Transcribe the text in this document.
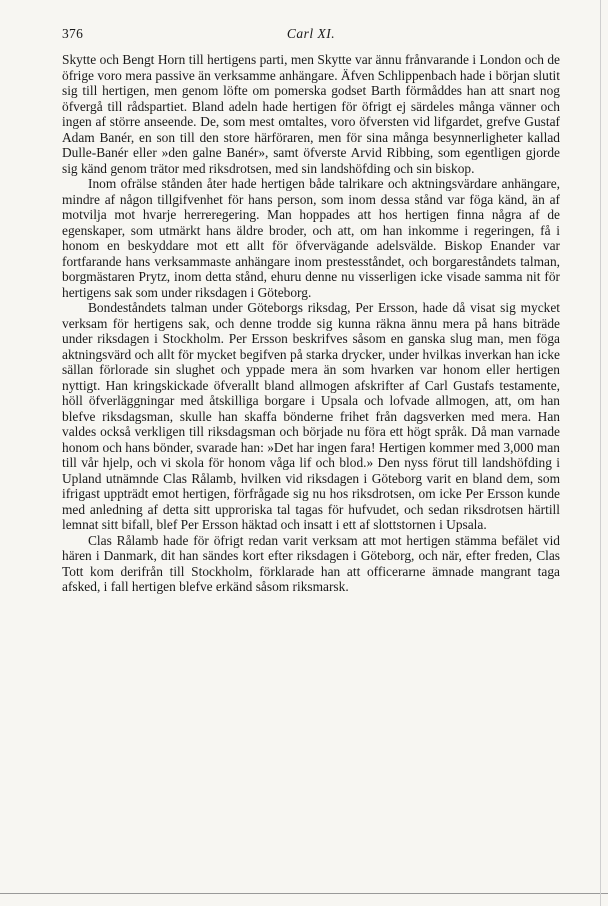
376	Carl XI.

Skytte och Bengt Horn till hertigens parti, men Skytte var ännu frånvarande i London och de öfrige voro mera passive än verksamme anhängare. Äfven Schlippenbach hade i början slutit sig till hertigen, men genom löfte om pomerska godset Barth förmåddes han att snart nog öfvergå till rådspartiet. Bland adeln hade hertigen för öfrigt ej särdeles många vänner och ingen af större anseende. De, som mest omtaltes, voro öfversten vid lifgardet, grefve Gustaf Adam Banér, en son till den store härföraren, men för sina många besynnerligheter kallad Dulle-Banér eller »den galne Banér», samt öfverste Arvid Ribbing, som egentligen gjorde sig känd genom trätor med riksdrotsen, med sin landshöfding och sin biskop.

Inom ofrälse stånden åter hade hertigen både talrikare och aktningsvärdare anhängare, mindre af någon tillgifvenhet för hans person, som inom dessa stånd var föga känd, än af motvilja mot hvarje herreregering. Man hoppades att hos hertigen finna några af de egenskaper, som utmärkt hans äldre broder, och att, om han inkomme i regeringen, få i honom en beskyddare mot ett allt för öfvervägande adelsvälde. Biskop Enander var fortfarande hans verksammaste anhängare inom prestesståndet, och borgareståndets talman, borgmästaren Prytz, inom detta stånd, ehuru denne nu visserligen icke visade samma nit för hertigens sak som under riksdagen i Göteborg.

Bondeståndets talman under Göteborgs riksdag, Per Ersson, hade då visat sig mycket verksam för hertigens sak, och denne trodde sig kunna räkna ännu mera på hans biträde under riksdagen i Stockholm. Per Ersson beskrifves såsom en ganska slug man, men föga aktningsvärd och allt för mycket begifven på starka drycker, under hvilkas inverkan han icke sällan förlorade sin slughet och yppade mera än som hvarken var honom eller hertigen nyttigt. Han kringskickade öfverallt bland allmogen afskrifter af Carl Gustafs testamente, höll öfverläggningar med åtskilliga borgare i Upsala och lofvade allmogen, att, om han blefve riksdagsman, skulle han skaffa bönderne frihet från dagsverken med mera. Han valdes också verkligen till riksdagsman och började nu föra ett högt språk. Då man varnade honom och hans bönder, svarade han: »Det har ingen fara! Hertigen kommer med 3,000 man till vår hjelp, och vi skola för honom våga lif och blod.» Den nyss förut till landshöfding i Upland utnämnde Clas Rålamb, hvilken vid riksdagen i Göteborg varit en bland dem, som ifrigast uppträdt emot hertigen, förfrågade sig nu hos riksdrotsen, om icke Per Ersson kunde med anledning af detta sitt upproriska tal tagas för hufvudet, och sedan riksdrotsen härtill lemnat sitt bifall, blef Per Ersson häktad och insatt i ett af slottstornen i Upsala.

Clas Rålamb hade för öfrigt redan varit verksam att mot hertigen stämma befälet vid hären i Danmark, dit han sändes kort efter riksdagen i Göteborg, och när, efter freden, Clas Tott kom derifrån till Stockholm, förklarade han att officerarne ämnade mangrant taga afsked, i fall hertigen blefve erkänd såsom riksmarsk.
